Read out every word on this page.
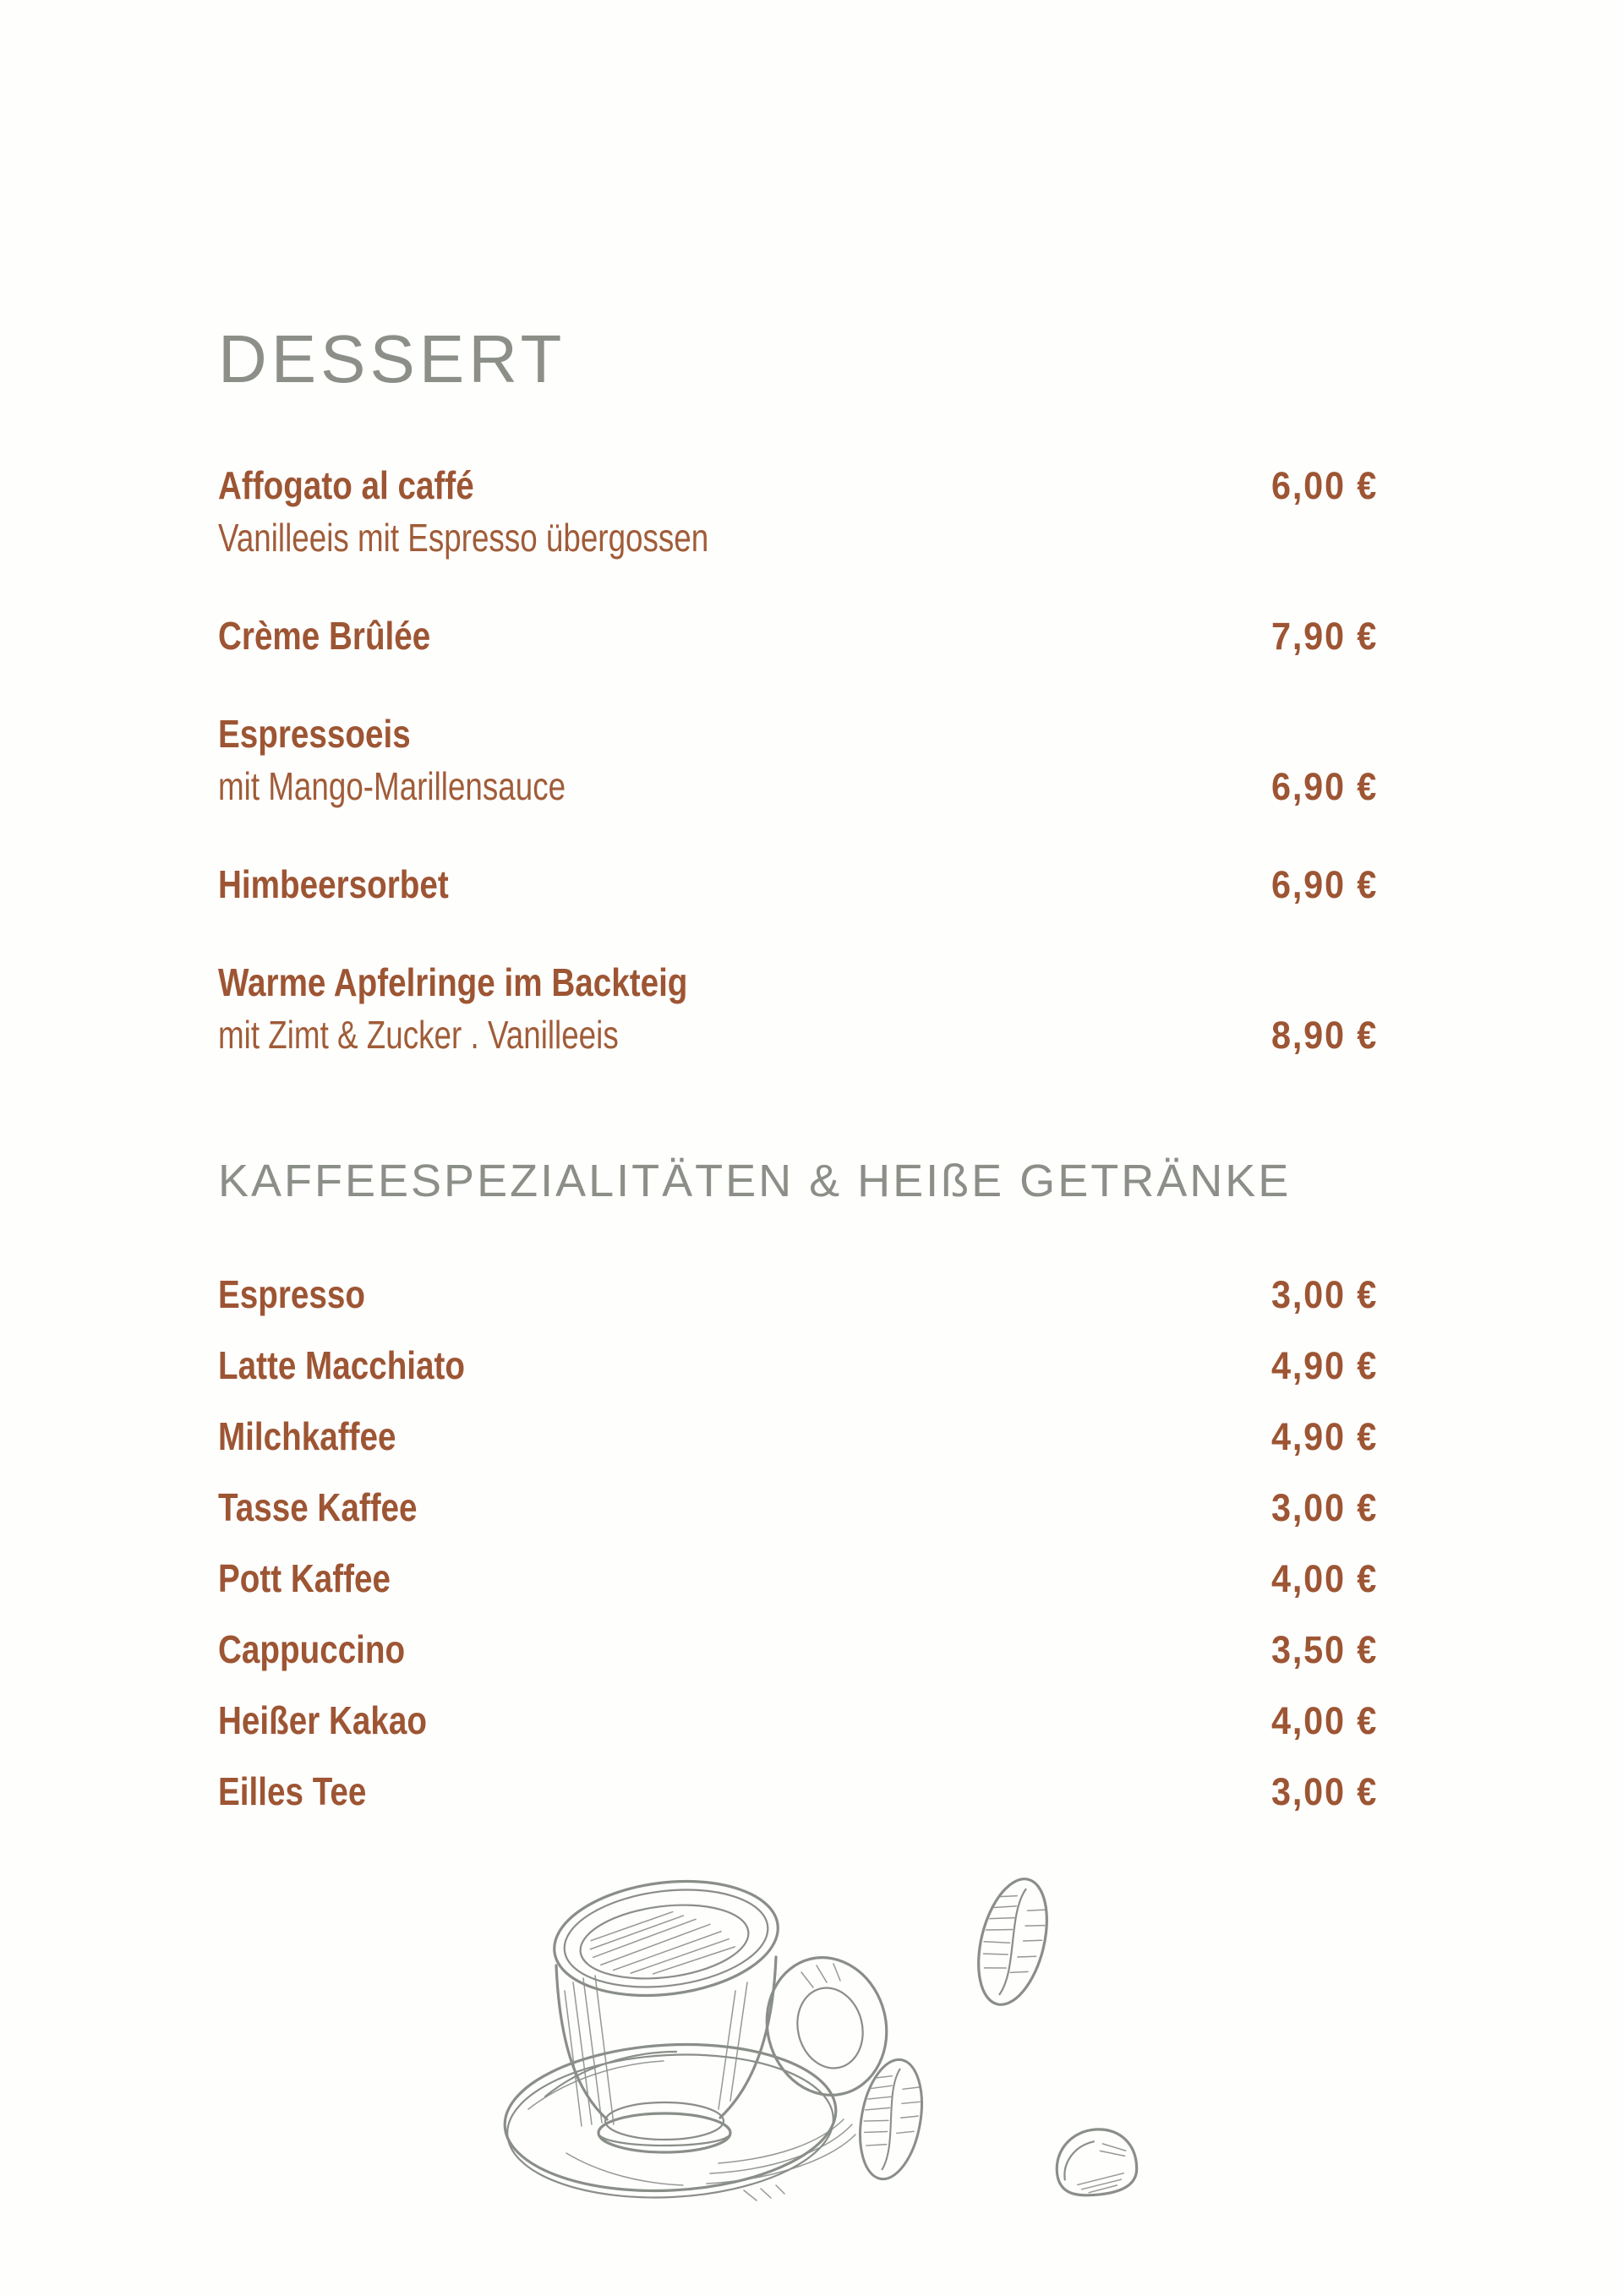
DESSERT
Affogato al caffé	6,00 €
Vanilleeis mit Espresso übergossen
Crème Brûlée	7,90 €
Espressoeis
mit Mango-Marillensauce	6,90 €
Himbeersorbet	6,90 €
Warme Apfelringe im Backteig
mit Zimt & Zucker . Vanilleeis	8,90 €
KAFFEESPEZIALITÄTEN & HEIßE GETRÄNKE
Espresso	3,00 €
Latte Macchiato	4,90 €
Milchkaffee	4,90 €
Tasse Kaffee	3,00 €
Pott Kaffee	4,00 €
Cappuccino	3,50 €
Heißer Kakao	4,00 €
Eilles Tee	3,00 €
